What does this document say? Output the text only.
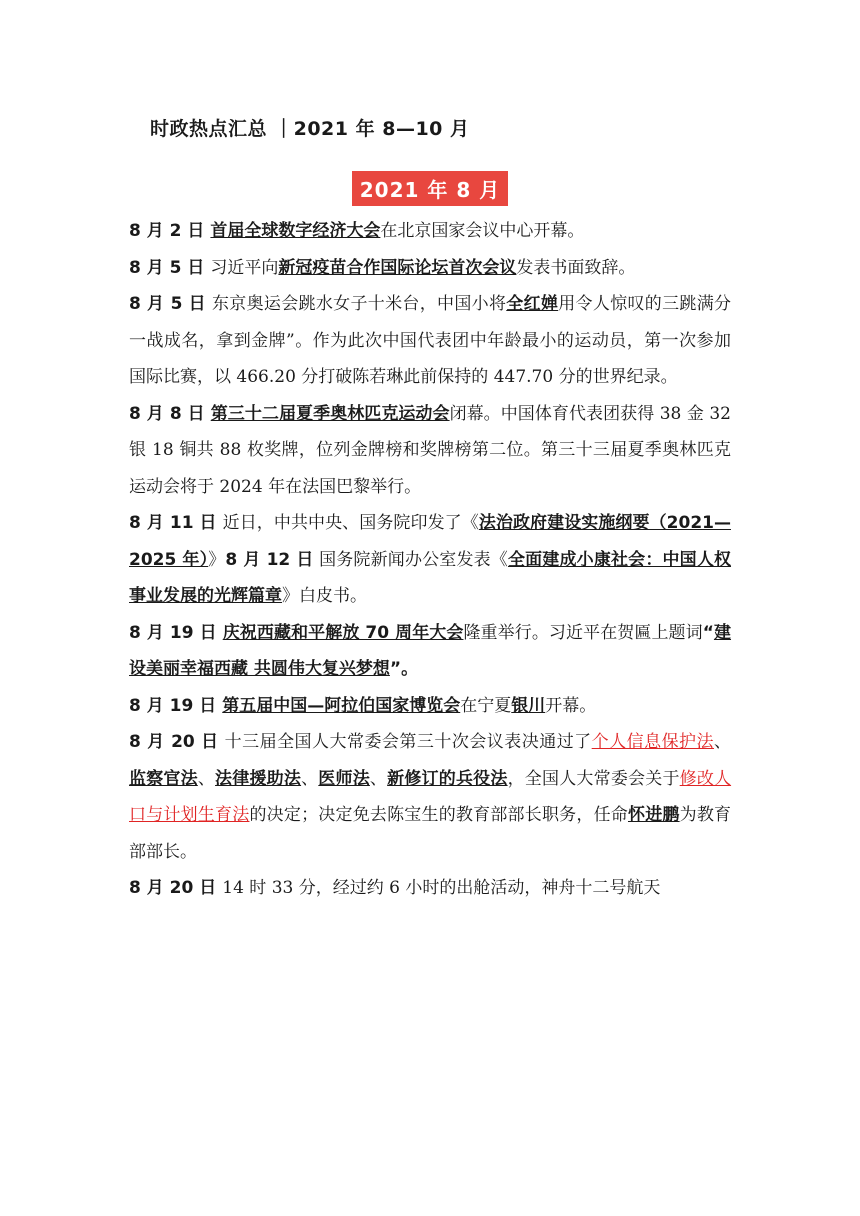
时政热点汇总 ｜2021 年 8—10 月
2021 年 8 月

8 月 2 日 首届全球数字经济大会在北京国家会议中心开幕。

8 月 5 日 习近平向新冠疫苗合作国际论坛首次会议发表书面致辞。

8 月 5 日 东京奥运会跳水女子十米台，中国小将全红婵用令人惊叹的三跳满分一战成名，拿到金牌”。作为此次中国代表团中年龄最小的运动员，第一次参加国际比赛，以 466.20 分打破陈若琳此前保持的 447.70 分的世界纪录。

8 月 8 日 第三十二届夏季奥林匹克运动会闭幕。中国体育代表团获得 38 金 32 银 18 铜共 88 枚奖牌，位列金牌榜和奖牌榜第二位。第三十三届夏季奥林匹克运动会将于 2024 年在法国巴黎举行。

8 月 11 日 近日，中共中央、国务院印发了《法治政府建设实施纲要（2021—2025 年）》8 月 12 日 国务院新闻办公室发表《全面建成小康社会：中国人权事业发展的光辉篇章》白皮书。

8 月 19 日 庆祝西藏和平解放 70 周年大会隆重举行。习近平在贺匾上题词“建设美丽幸福西藏 共圆伟大复兴梦想”。

8 月 19 日 第五届中国—阿拉伯国家博览会在宁夏银川开幕。

8 月 20 日 十三届全国人大常委会第三十次会议表决通过了个人信息保护法、监察官法、法律援助法、医师法、新修订的兵役法，全国人大常委会关于修改人口与计划生育法的决定；决定免去陈宝生的教育部部长职务，任命怀进鹏为教育部部长。

8 月 20 日 14 时 33 分，经过约 6 小时的出舱活动，神舟十二号航天
